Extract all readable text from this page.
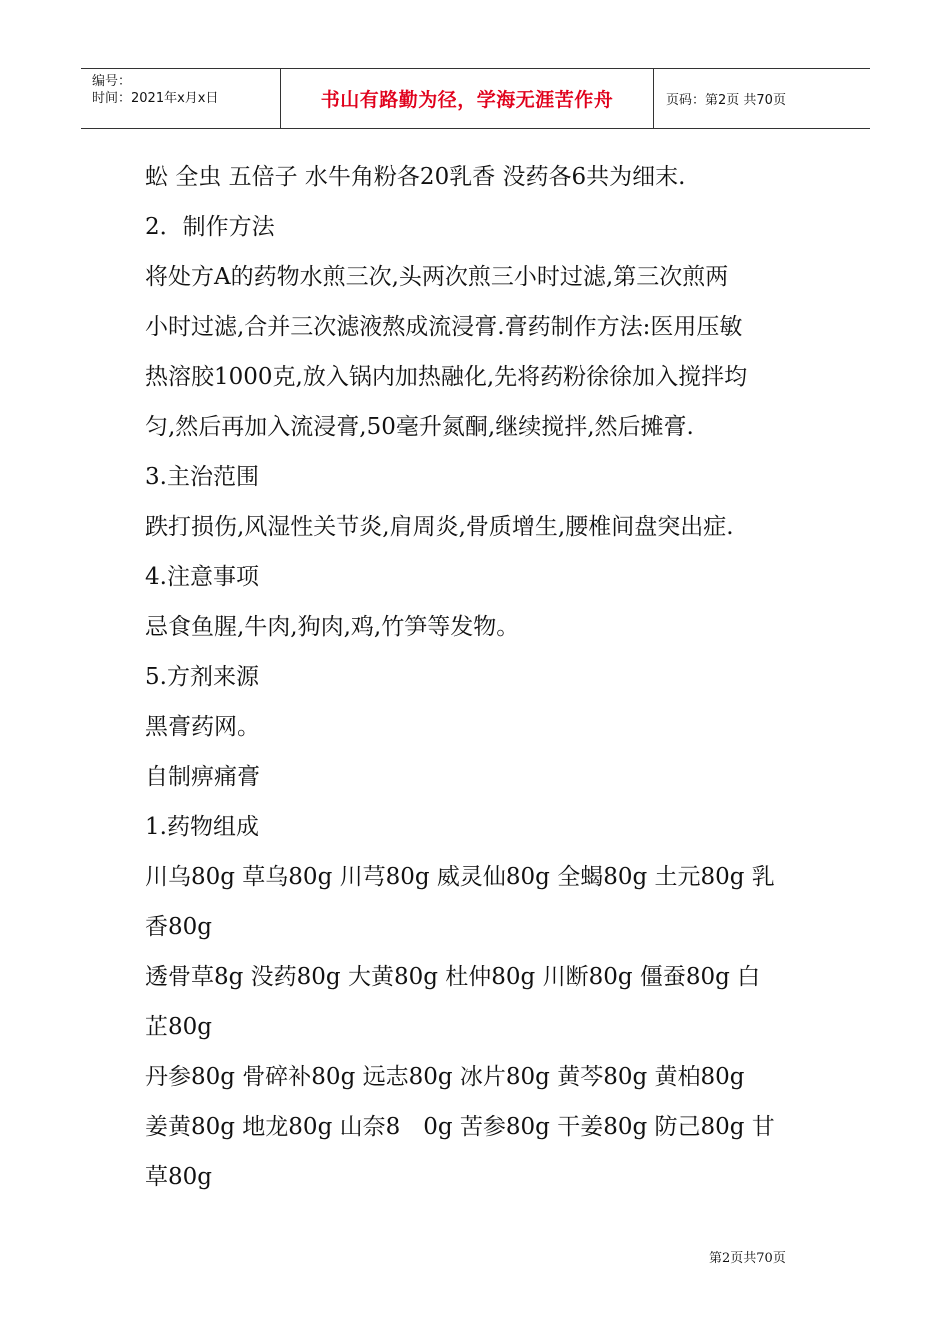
编号：
时间：2021年x月x日	书山有路勤为径，学海无涯苦作舟	页码：第2页 共70页

蚣 全虫 五倍子 水牛角粉各20乳香 没药各6共为细末.

2．制作方法

将处方A的药物水煎三次,头两次煎三小时过滤,第三次煎两

小时过滤,合并三次滤液熬成流浸膏.膏药制作方法:医用压敏

热溶胶1000克,放入锅内加热融化,先将药粉徐徐加入搅拌均

匀,然后再加入流浸膏,50毫升氮酮,继续搅拌,然后摊膏.

3.主治范围

跌打损伤,风湿性关节炎,肩周炎,骨质增生,腰椎间盘突出症.

4.注意事项

忌食鱼腥,牛肉,狗肉,鸡,竹笋等发物。

5.方剂来源

黑膏药网。

自制痹痛膏

1.药物组成

川乌80g 草乌80g 川芎80g 威灵仙80g 全蝎80g 土元80g 乳

香80g

透骨草8g 没药80g 大黄80g 杜仲80g 川断80g 僵蚕80g 白

芷80g

丹参80g 骨碎补80g 远志80g 冰片80g 黄芩80g 黄柏80g

姜黄80g 地龙80g 山奈8　0g 苦参80g 干姜80g 防己80g 甘

草80g

第2页共70页
